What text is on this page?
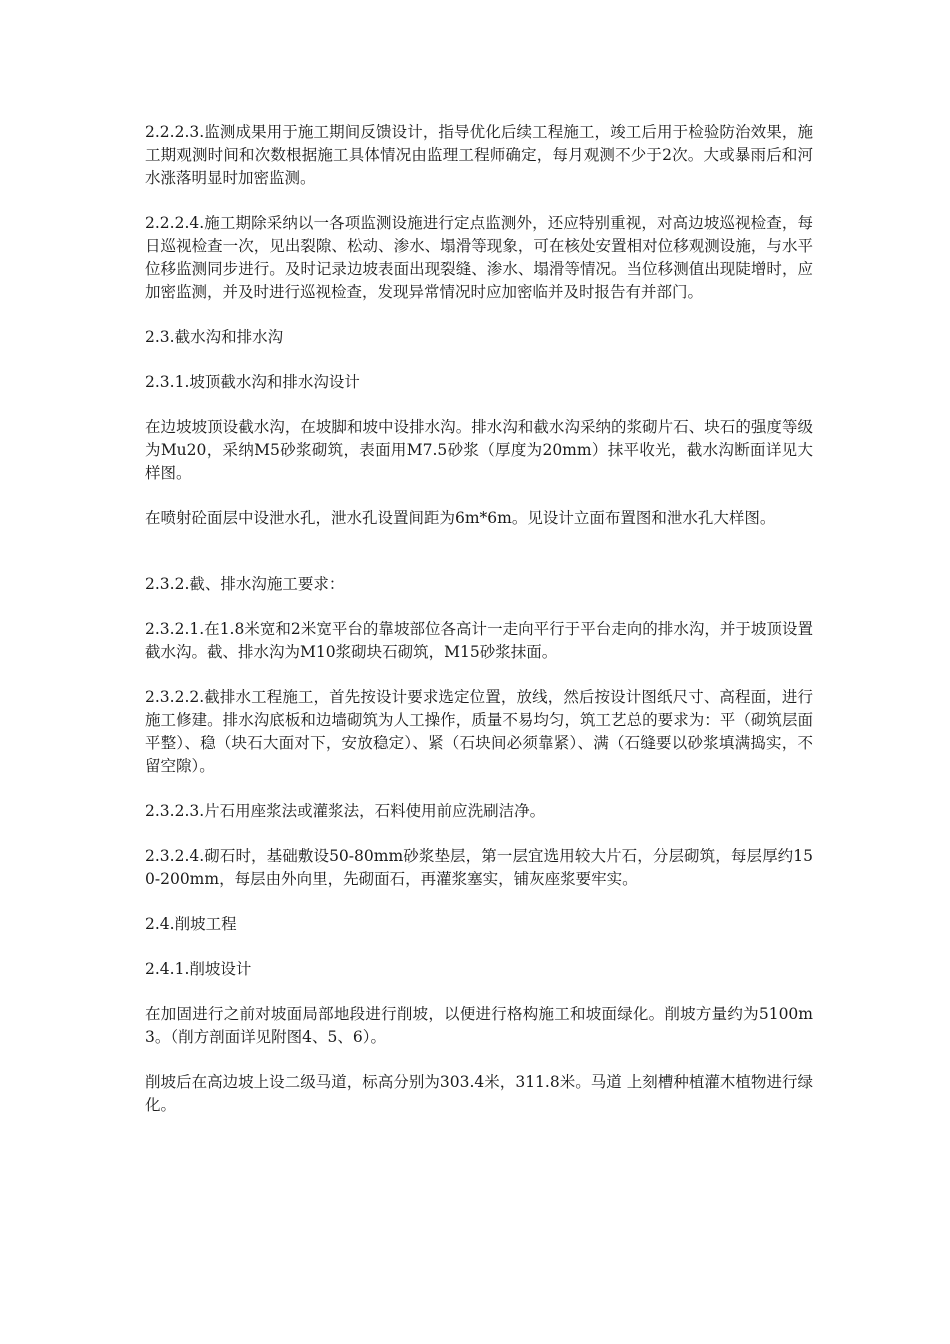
2.2.2.3.监测成果用于施工期间反馈设计，指导优化后续工程施工，竣工后用于检验防治效果，施工期观测时间和次数根据施工具体情况由监理工程师确定，每月观测不少于2次。大或暴雨后和河水涨落明显时加密监测。

2.2.2.4.施工期除采纳以一各项监测设施进行定点监测外，还应特别重视，对高边坡巡视检查，每日巡视检查一次，见出裂隙、松动、渗水、塌滑等现象，可在核处安置相对位移观测设施，与水平位移监测同步进行。及时记录边坡表面出现裂缝、渗水、塌滑等情况。当位移测值出现陡增时，应加密监测，并及时进行巡视检查，发现异常情况时应加密临并及时报告有并部门。

2.3.截水沟和排水沟

2.3.1.坡顶截水沟和排水沟设计

在边坡坡顶设截水沟，在坡脚和坡中设排水沟。排水沟和截水沟采纳的浆砌片石、块石的强度等级为Mu20，采纳M5砂浆砌筑，表面用M7.5砂浆（厚度为20mm）抹平收光，截水沟断面详见大样图。

在喷射砼面层中设泄水孔，泄水孔设置间距为6m*6m。见设计立面布置图和泄水孔大样图。

2.3.2.截、排水沟施工要求：

2.3.2.1.在1.8米宽和2米宽平台的靠坡部位各高计一走向平行于平台走向的排水沟，并于坡顶设置截水沟。截、排水沟为M10浆砌块石砌筑，M15砂浆抹面。

2.3.2.2.截排水工程施工，首先按设计要求选定位置，放线，然后按设计图纸尺寸、高程面，进行施工修建。排水沟底板和边墙砌筑为人工操作，质量不易均匀，筑工艺总的要求为：平（砌筑层面平整）、稳（块石大面对下，安放稳定）、紧（石块间必须靠紧）、满（石缝要以砂浆填满捣实，不留空隙）。

2.3.2.3.片石用座浆法或灌浆法，石料使用前应洗刷洁净。

2.3.2.4.砌石时，基础敷设50-80mm砂浆垫层，第一层宜选用较大片石，分层砌筑，每层厚约150-200mm，每层由外向里，先砌面石，再灌浆塞实，铺灰座浆要牢实。

2.4.削坡工程

2.4.1.削坡设计

在加固进行之前对坡面局部地段进行削坡，以便进行格构施工和坡面绿化。削坡方量约为5100m3。（削方剖面详见附图4、5、6）。

削坡后在高边坡上设二级马道，标高分别为303.4米，311.8米。马道 上刻槽种植灌木植物进行绿化。
